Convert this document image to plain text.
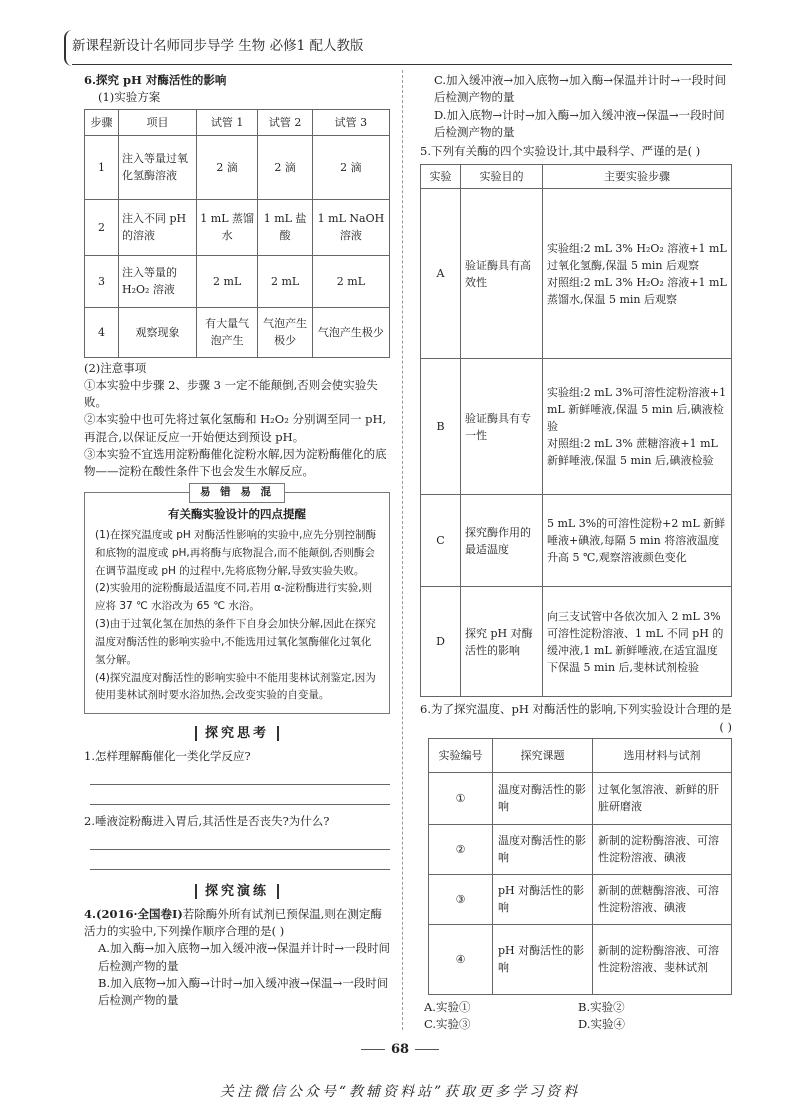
新课程新设计名师同步导学 生物 必修1 配人教版

6.探究 pH 对酶活性的影响

(1)实验方案

步骤	项目	试管 1	试管 2	试管 3
1	注入等量过氧化氢酶溶液	2 滴	2 滴	2 滴
2	注入不同 pH 的溶液	1 mL 蒸馏水	1 mL 盐酸	1 mL NaOH 溶液
3	注入等量的 H₂O₂ 溶液	2 mL	2 mL	2 mL
4	观察现象	有大量气泡产生	气泡产生极少	气泡产生极少

(2)注意事项

①本实验中步骤 2、步骤 3 一定不能颠倒,否则会使实验失败。

②本实验中也可先将过氧化氢酶和 H₂O₂ 分别调至同一 pH,再混合,以保证反应一开始便达到预设 pH。

③本实验不宜选用淀粉酶催化淀粉水解,因为淀粉酶催化的底物——淀粉在酸性条件下也会发生水解反应。

易 错 易 混
有关酶实验设计的四点提醒

(1)在探究温度或 pH 对酶活性影响的实验中,应先分别控制酶和底物的温度或 pH,再将酶与底物混合,而不能颠倒,否则酶会在调节温度或 pH 的过程中,先将底物分解,导致实验失败。

(2)实验用的淀粉酶最适温度不同,若用 α-淀粉酶进行实验,则应将 37 ℃ 水浴改为 65 ℃ 水浴。

(3)由于过氧化氢在加热的条件下自身会加快分解,因此在探究温度对酶活性的影响实验中,不能选用过氧化氢酶催化过氧化氢分解。

(4)探究温度对酶活性的影响实验中不能用斐林试剂鉴定,因为使用斐林试剂时要水浴加热,会改变实验的自变量。

探究思考

1.怎样理解酶催化一类化学反应?

2.唾液淀粉酶进入胃后,其活性是否丧失?为什么?

探究演练

4.(2016·全国卷Ⅰ)若除酶外所有试剂已预保温,则在测定酶活力的实验中,下列操作顺序合理的是( )

A.加入酶→加入底物→加入缓冲液→保温并计时→一段时间后检测产物的量

B.加入底物→加入酶→计时→加入缓冲液→保温→一段时间后检测产物的量

C.加入缓冲液→加入底物→加入酶→保温并计时→一段时间后检测产物的量

D.加入底物→计时→加入酶→加入缓冲液→保温→一段时间后检测产物的量

5.下列有关酶的四个实验设计,其中最科学、严谨的是( )

实验	实验目的	主要实验步骤
A	验证酶具有高效性	实验组:2 mL 3% H₂O₂ 溶液+1 mL过氧化氢酶,保温 5 min 后观察
对照组:2 mL 3% H₂O₂ 溶液+1 mL蒸馏水,保温 5 min 后观察
B	验证酶具有专一性	实验组:2 mL 3%可溶性淀粉溶液+1 mL 新鲜唾液,保温 5 min 后,碘液检验
对照组:2 mL 3% 蔗糖溶液+1 mL新鲜唾液,保温 5 min 后,碘液检验
C	探究酶作用的最适温度	5 mL 3%的可溶性淀粉+2 mL 新鲜唾液+碘液,每隔 5 min 将溶液温度升高 5 ℃,观察溶液颜色变化
D	探究 pH 对酶活性的影响	向三支试管中各依次加入 2 mL 3%可溶性淀粉溶液、1 mL 不同 pH 的缓冲液,1 mL 新鲜唾液,在适宜温度下保温 5 min 后,斐林试剂检验

6.为了探究温度、pH 对酶活性的影响,下列实验设计合理的是

( )

实验编号	探究课题	选用材料与试剂
①	温度对酶活性的影响	过氧化氢溶液、新鲜的肝脏研磨液
②	温度对酶活性的影响	新制的淀粉酶溶液、可溶性淀粉溶液、碘液
③	pH 对酶活性的影响	新制的蔗糖酶溶液、可溶性淀粉溶液、碘液
④	pH 对酶活性的影响	新制的淀粉酶溶液、可溶性淀粉溶液、斐林试剂
A.实验①	B.实验②
C.实验③	D.实验④
68
关注微信公众号“教辅资料站”获取更多学习资料
